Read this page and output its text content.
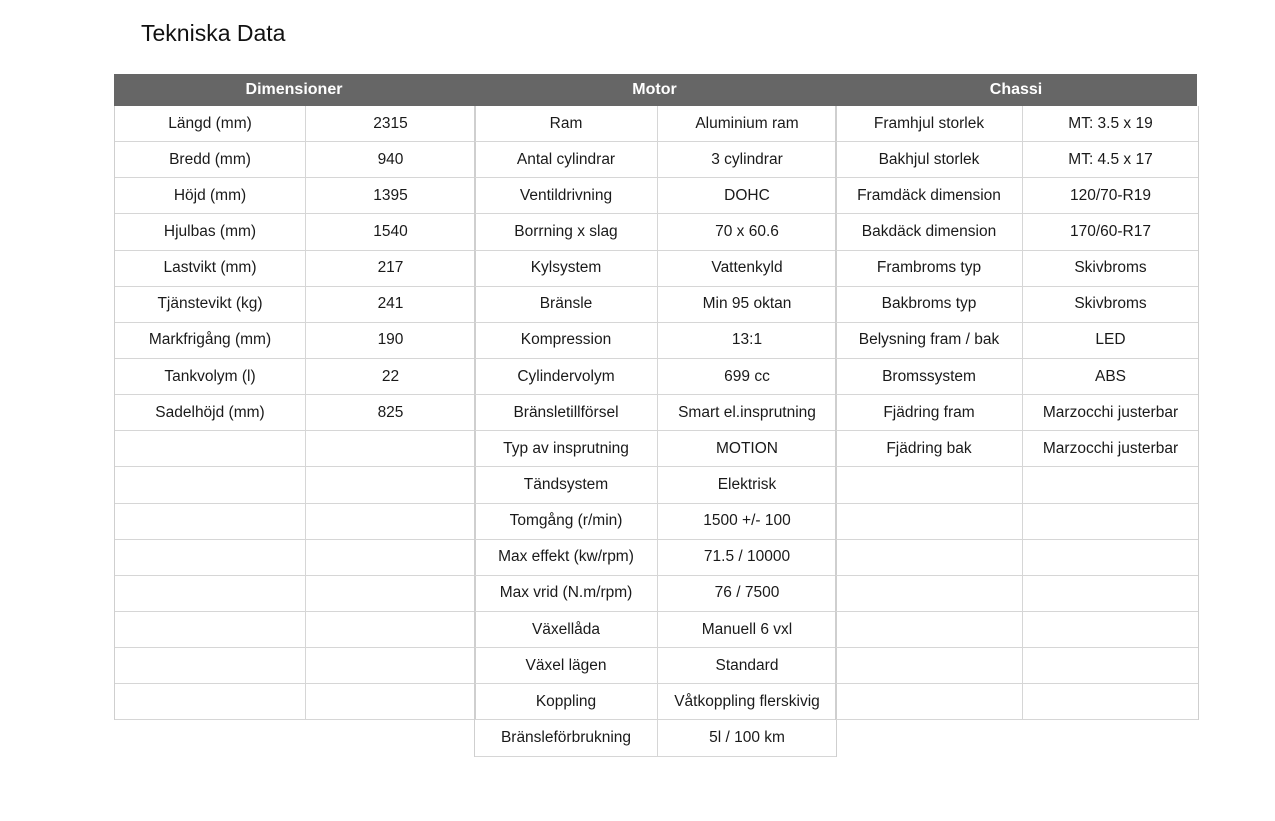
Tekniska Data
Dimensioner	Motor	Chassi
Längd (mm)	2315
Bredd (mm)	940
Höjd (mm)	1395
Hjulbas (mm)	1540
Lastvikt (mm)	217
Tjänstevikt (kg)	241
Markfrigång (mm)	190
Tankvolym (l)	22
Sadelhöjd (mm)	825
Ram	Aluminium ram
Antal cylindrar	3 cylindrar
Ventildrivning	DOHC
Borrning x slag	70 x 60.6
Kylsystem	Vattenkyld
Bränsle	Min 95 oktan
Kompression	13:1
Cylindervolym	699 cc
Bränsletillförsel	Smart el.insprutning
Typ av insprutning	MOTION
Tändsystem	Elektrisk
Tomgång (r/min)	1500 +/- 100
Max effekt (kw/rpm)	71.5 / 10000
Max vrid (N.m/rpm)	76 / 7500
Växellåda	Manuell 6 vxl
Växel lägen	Standard
Koppling	Våtkoppling flerskivig
Bränsleförbrukning	5l / 100 km
Framhjul storlek	MT: 3.5 x 19
Bakhjul storlek	MT: 4.5 x 17
Framdäck dimension	120/70-R19
Bakdäck dimension	170/60-R17
Frambroms typ	Skivbroms
Bakbroms typ	Skivbroms
Belysning fram / bak	LED
Bromssystem	ABS
Fjädring fram	Marzocchi justerbar
Fjädring bak	Marzocchi justerbar
